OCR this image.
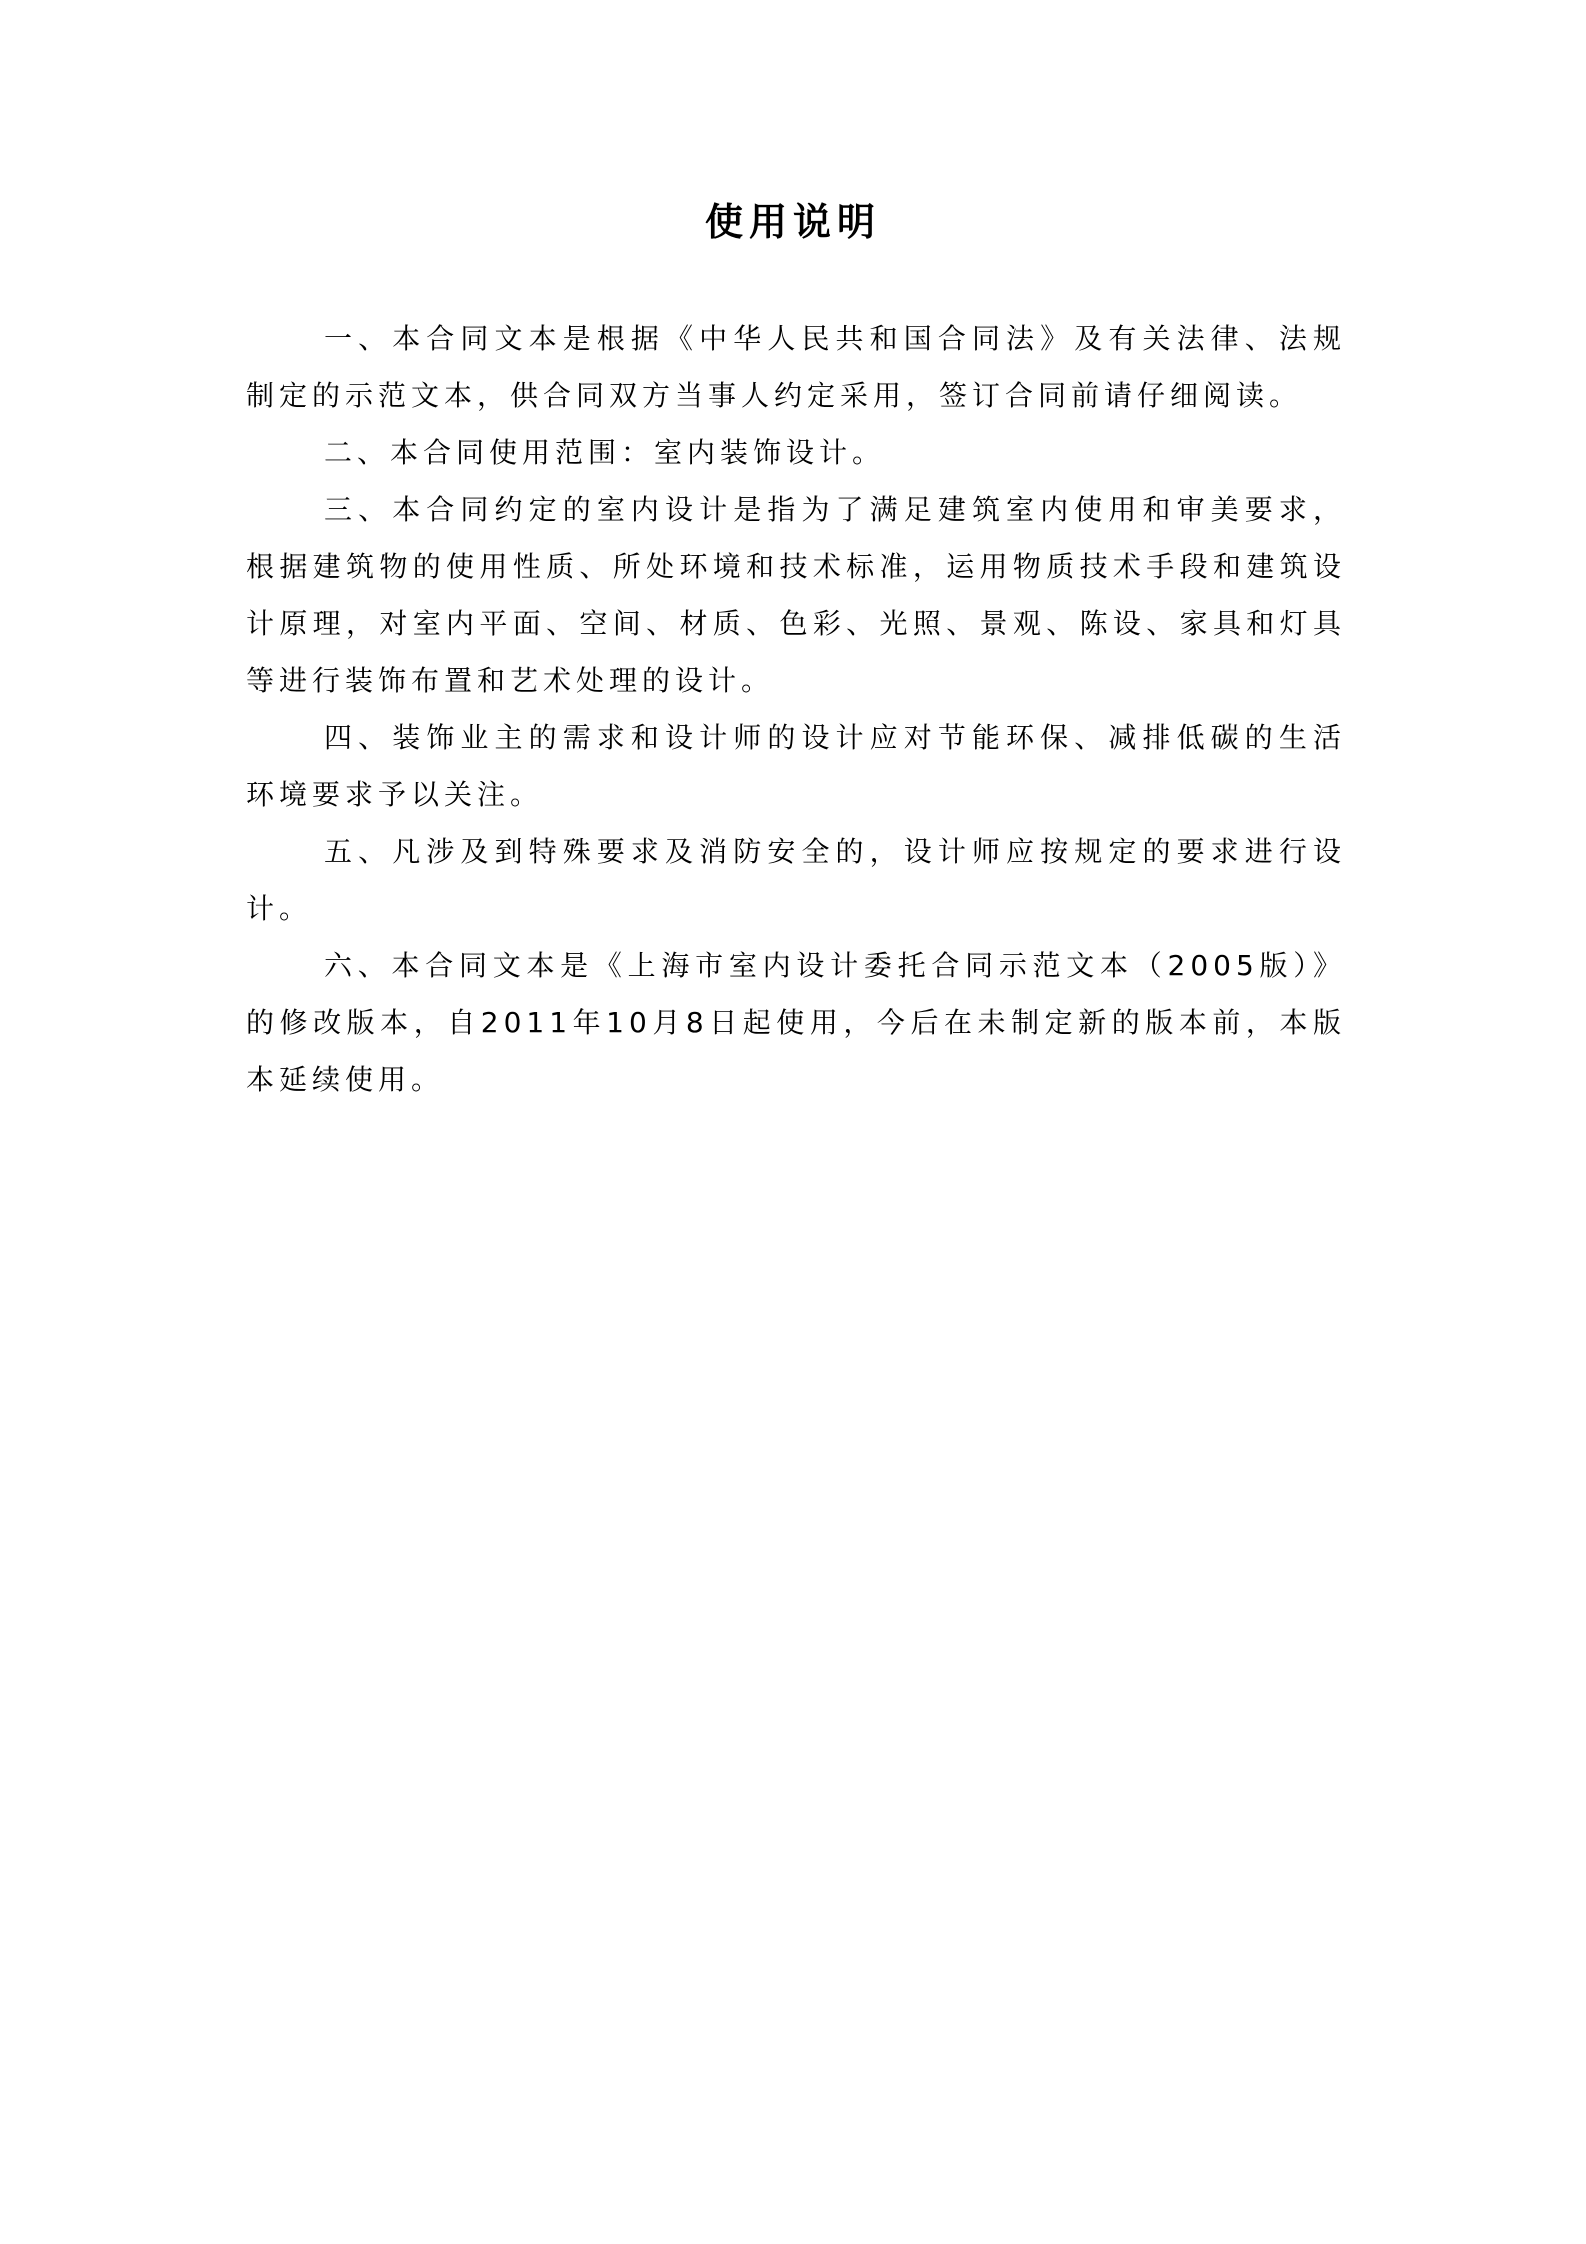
使用说明

一、本合同文本是根据《中华人民共和国合同法》及有关法律、法规制定的示范文本，供合同双方当事人约定采用，签订合同前请仔细阅读。

二、本合同使用范围：室内装饰设计。

三、本合同约定的室内设计是指为了满足建筑室内使用和审美要求，根据建筑物的使用性质、所处环境和技术标准，运用物质技术手段和建筑设计原理，对室内平面、空间、材质、色彩、光照、景观、陈设、家具和灯具等进行装饰布置和艺术处理的设计。

四、装饰业主的需求和设计师的设计应对节能环保、减排低碳的生活环境要求予以关注。

五、凡涉及到特殊要求及消防安全的，设计师应按规定的要求进行设计。

六、本合同文本是《上海市室内设计委托合同示范文本（2005版）》的修改版本，自2011年10月8日起使用，今后在未制定新的版本前，本版本延续使用。
